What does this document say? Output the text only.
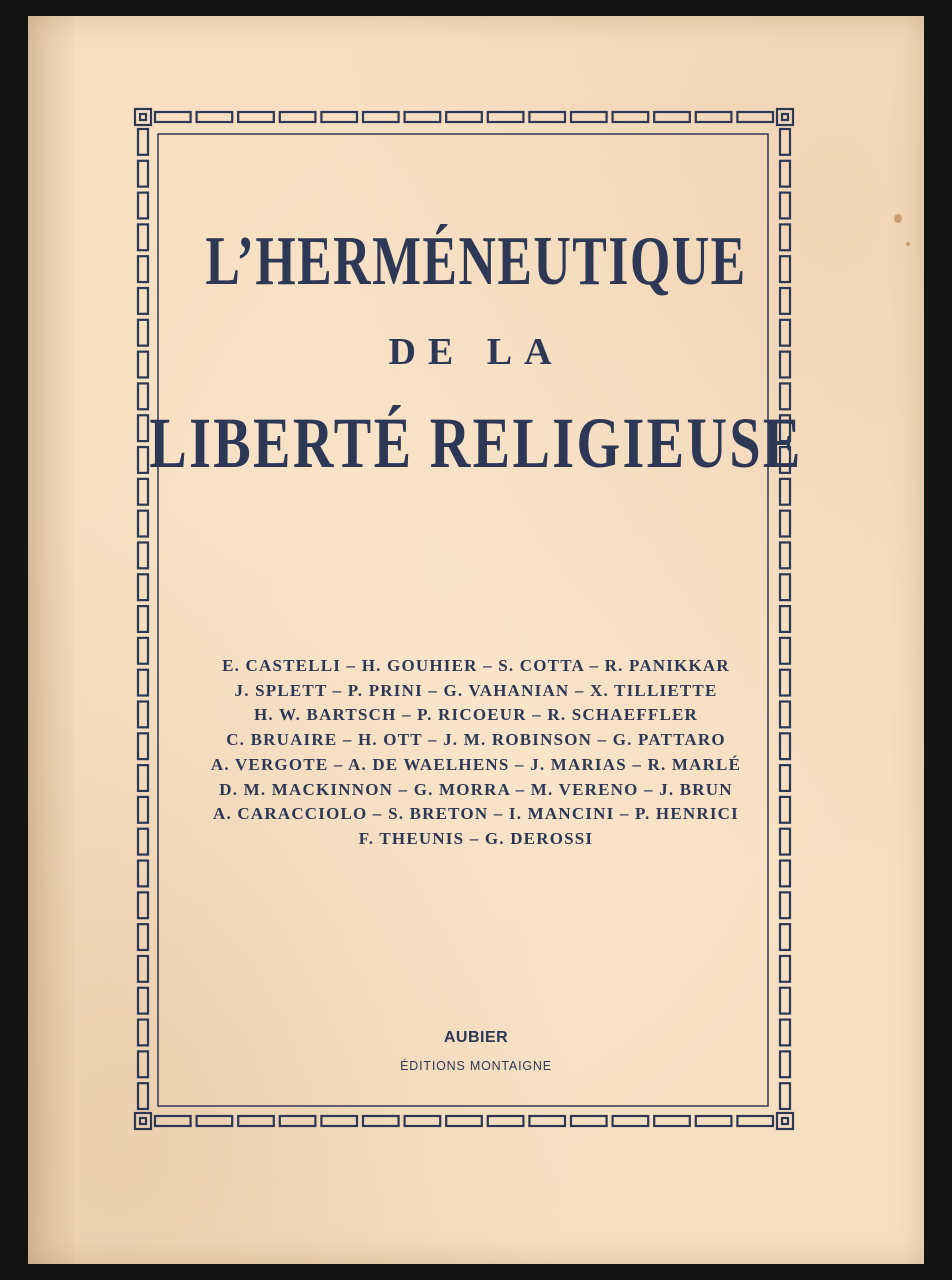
L’HERMÉNEUTIQUE
DE LA
LIBERTÉ RELIGIEUSE
E. CASTELLI – H. GOUHIER – S. COTTA – R. PANIKKAR
J. SPLETT – P. PRINI – G. VAHANIAN – X. TILLIETTE
H. W. BARTSCH – P. RICOEUR – R. SCHAEFFLER
C. BRUAIRE – H. OTT – J. M. ROBINSON – G. PATTARO
A. VERGOTE – A. DE WAELHENS – J. MARIAS – R. MARLÉ
D. M. MACKINNON – G. MORRA – M. VERENO – J. BRUN
A. CARACCIOLO – S. BRETON – I. MANCINI – P. HENRICI
F. THEUNIS – G. DEROSSI
AUBIER
ÉDITIONS MONTAIGNE
